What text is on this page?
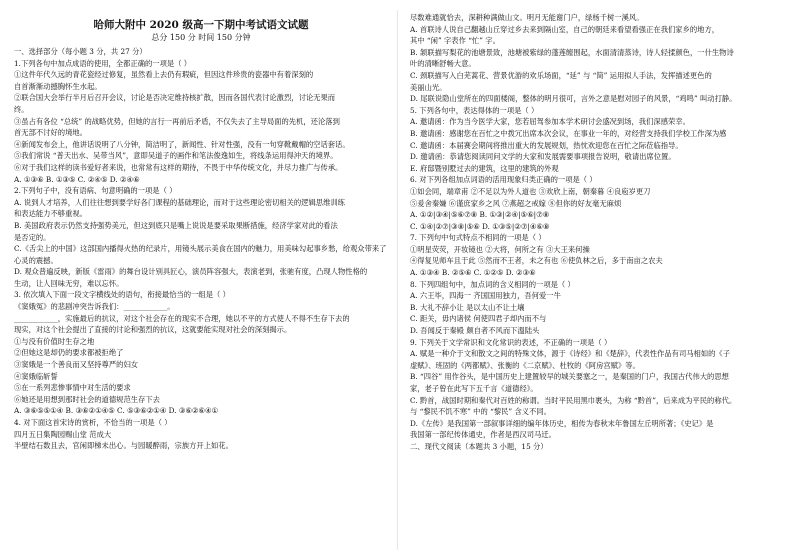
哈师大附中 2020 级高一下期中考试语文试题
总分 150 分 时间 150 分钟
一、选择部分（每小题 3 分，共 27 分）
1.下列各句中加点成语的使用，全都正确的一项是（ ）
①这件年代久远的青花瓷经过修复，虽然看上去仍有瑕疵，但因这件珍贵的瓷器中有着深刻的
自首渐渐动撼胸怀生水起。
②联合国大会举行半月后召开会议，讨论是否决定维持核扩散，因而各国代表讨论激烈，讨论无果而
终。
③虽占有各位 “总统” 的战略优势，但她的言行一再前后矛盾，不仅失去了主导局面的先机，还沦落到
首无部不讨好的境地。
④新闻发布会上，他讲话说明了八分钟，简洁明了，新闻性、针对性强，没有一句穿靴戴帽的空话套话。
⑤我们常说 “普天出水、吴带当风”，意即吴道子的画作和笔法俊逸如生，将线条运用得沖天的境界。
⑥对于我们这样的读书爱好者来说，也常常有这样的期待，不畏于中华传统文化，并尽力推广与传承。
A. ①③⑥ B. ①③⑤ C. ②④⑤ D. ②④⑥
2.下列句子中，没有语病、句意明确的一项是（ ）
A. 说到人才培养，人们往往想到要学好各门课程的基础理论，而对于这些理论密切相关的逻辑思维训练
和表达能力不够重视。
B. 美国政府表示仍然支持强势美元，但这到底只是嘴上说说是要采取果断措施，经济学家对此的看法
是否定的。
C.《舌尖上的中国》这部国内播得火热的纪录片，用镜头展示美食在国内的魅力，用美味勾起事乡愁，给观众带来了
心灵的震撼。
D. 观众普遍反映，新版《雷雨》的舞台设计别具匠心，演员阵容强大，表演老到，张驰有度，凸现人物性格的
生动，让人回味无穷，难以忘怀。
3. 依次填入下面一段文字横线处的语句，衔接最恰当的一组是（ ）
《窦娥冤》的悲剧冲突告诉我们：____________。
____________，实施最后的抗议，对这个社会存在的现实不合理，她以不平的方式使人不得不生存下去的
现实，对这个社会提出了直接的讨论和强烈的抗议，这就要能实现对社会的深刻揭示。
①与没有价值时生存之地
②但她这是却仍的要求都被拒绝了
③窦娥是一个善良而又坚持尊严的妇女
④窦娥临斩誓
⑤在一系列悲惨事情中对生活的要求
⑥她还是用想到那时社会的道德规范生存下去
A. ③⑥⑤⑤①④ B. ③⑥②①④⑤ C. ⑤③⑥②①④ D. ③⑥②⑥④①
4. 对下面这首宋诗的赏析，不恰当的一项是（ ）
四月五日集陶园赐山堂 范成大
半壁结石数且去，官闲即梯未出心。与园暖醉雨，宗族方开上如花。
尽数难通就恰去，深耕种满做山文。明月无能谢门户，绿杨千树一溪风。
A. 首联诗人说自己翻越山丘穿过乡去来到隔山室，自己的朝廷来看望看强正在我们家乡的地方，
其中 “闲” 字表作 “忙” 字。
B. 颔联描写梨花的池塘景致，池塘被紫绿的蓬莲缠围起，水面清清蒸诗，诗人轻揉颜色，一什生物诗
叶的清晰舒畅大意。
C. 颈联描写入白芜蒿花、营景优游的欢乐场面，“延” 与 “简” 运用拟人手法，发挥描述更色的
美丽山光。
D. 尾联说隐山堂所在的四面楼阁，整体的明月很可，言外之意是慰对园子的风景，“鸡鸣” 叫动打静。
5. 下列各句中，表达得体的一项是（ ）
A. 邀请函：作为当今医学大家，您若屈驾参加本学术研讨会盛况到场，我们深感荣幸。
B. 邀请函：感谢您在百忙之中拨冗出席本次会议，在事业一年的，对经营支持我们学校工作深为感
C. 邀请函：本届赛会期间将推出重大的发展规划，热忱欢迎您在百忙之际莅临指导。
D. 邀请函：恭请您阅读同问文学的大家和发展需要事项报告说明，敬请出席位置。
E. 府邸暨别墅过去的建筑，这里的建筑的外观
6. 对下列各组加点词语的活用现象归类正确的一项是（ ）
①如会同，端章甫 ②不足以为外人道也 ③欢欣上南，朝秦暮 ④良庖岁更刀
⑤爰舍秦嫌 ⑥谨庶家乡之风 ⑦燕超之戒嫁 ⑧但你的好友毫无麻烦
A. ①②|③④|⑤⑥⑦⑧ B. ①③|②④|⑤⑥|⑦⑧
C. ①④|②⑦|③⑧|⑤⑥ D. ①③⑤|②⑦|④⑥⑧
7. 下列句中句式特点不相同的一项是（ ）
①明星荧荧，开妆镜也 ②大将，何所之有 ③大王来何操
④得复见师车且于此 ⑤然而不王者，未之有也 ⑥使负林之后，多于南亩之农夫
A. ①③④ B. ②⑤⑥ C. ①②⑤ D. ②③⑥
8. 下列四组句中，加点词的含义相同的一项是（ ）
A. 六王毕，四海一 齐国国用独力，吾何爱一牛
B. 大礼不辞小让 是以太山不让土壤
C. 距关，毋内诸侯 何使四君子却内而不与
D. 吾闻反于秦殿 颇自者不风而下溫陆头
9. 下列关于文学常识和文化常识的表述，不正确的一项是（ ）
A. 赋是一种介于文和散文之间的特殊文体，源于《诗经》和《楚辞》，代表性作品有司马相如的《子
虚赋》、班固的《两都赋》、张衡的《二京赋》、杜牧的《阿房宫赋》等。
B. “四谷” 用作谷头，是中国历史上建置较早的城关要塞之一，是秦国的门户，我国古代伟大的思想
家，老子曾在此写下五千言《道德经》。
C. 黔首，战国时期和秦代对百姓的称谓。当时平民用黑巾裹头，为称 “黔首”，后来成为平民的称代。
与 “黎民不饥不寒” 中的 “黎民” 含义不同。
D.《左传》是我国第一部叙事详细的编年体历史，相传为春秋末年鲁国左丘明所著；《史记》是
我国第一部纪传体通史，作者是西汉司马迁。
二、现代文阅读（本题共 3 小题，15 分）
